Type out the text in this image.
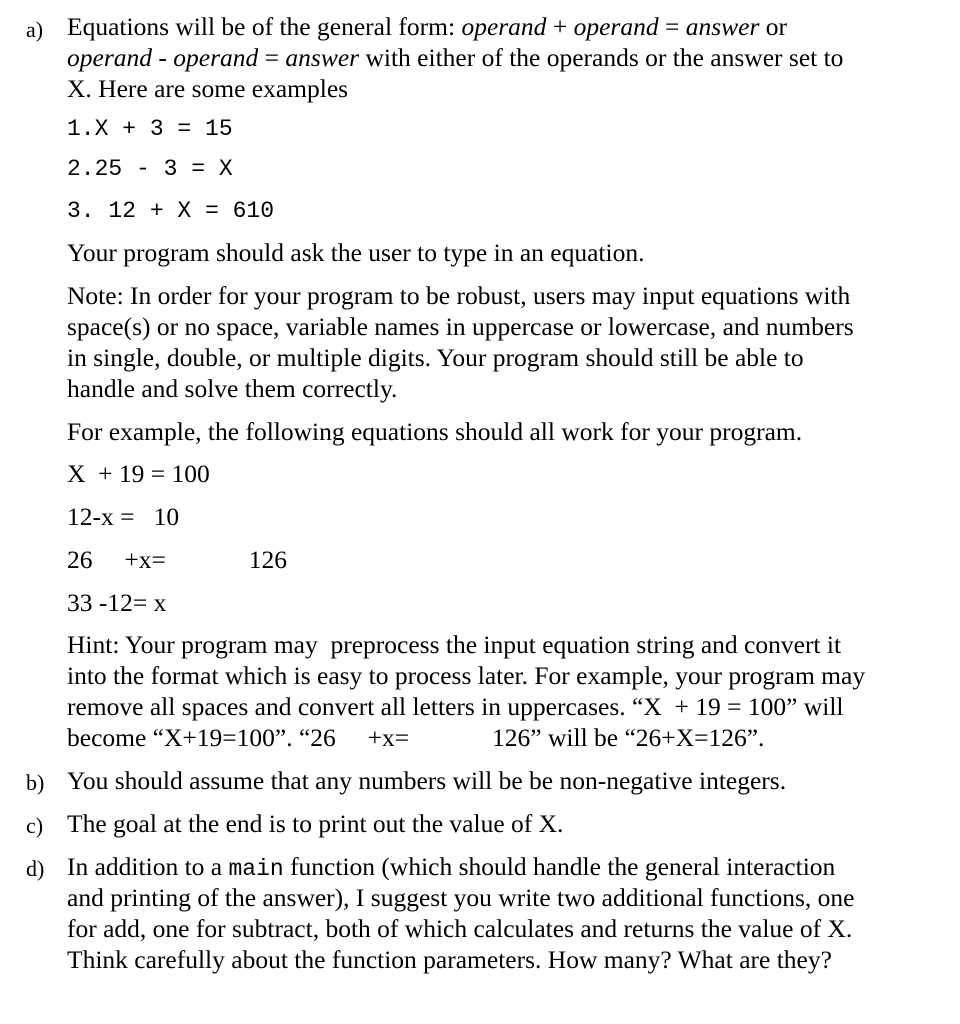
a) Equations will be of the general form: operand + operand = answer or
operand - operand = answer with either of the operands or the answer set to
X. Here are some examples
1.X + 3 = 15
2.25 - 3 = X
3. 12 + X = 610
Your program should ask the user to type in an equation.
Note: In order for your program to be robust, users may input equations with
space(s) or no space, variable names in uppercase or lowercase, and numbers
in single, double, or multiple digits. Your program should still be able to
handle and solve them correctly.
For example, the following equations should all work for your program.
X  + 19 = 100
12-x =   10
26     +x=             126
33 -12= x
Hint: Your program may  preprocess the input equation string and convert it
into the format which is easy to process later. For example, your program may
remove all spaces and convert all letters in uppercases. “X  + 19 = 100” will
become “X+19=100”. “26     +x=             126” will be “26+X=126”.
b) You should assume that any numbers will be be non-negative integers.
c) The goal at the end is to print out the value of X.
d) In addition to a main function (which should handle the general interaction
and printing of the answer), I suggest you write two additional functions, one
for add, one for subtract, both of which calculates and returns the value of X.
Think carefully about the function parameters. How many? What are they?
